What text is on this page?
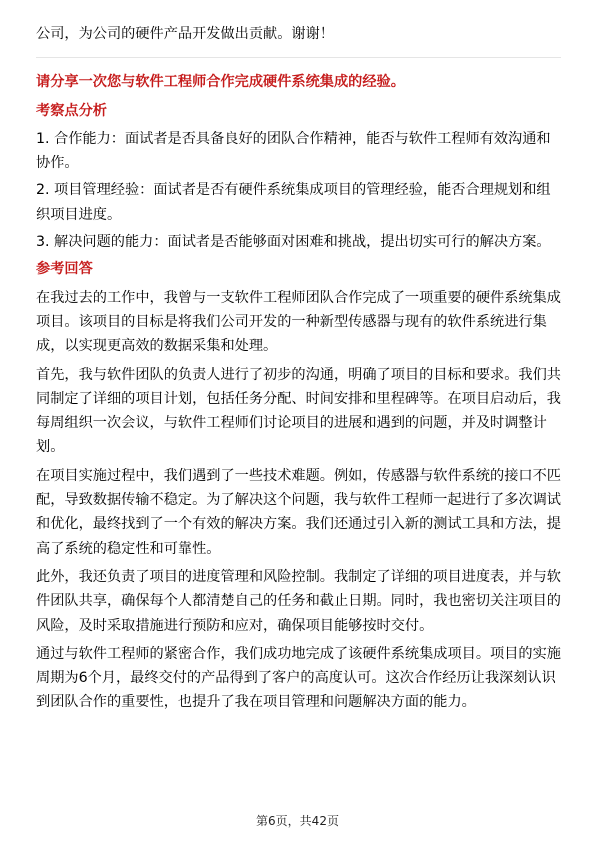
公司，为公司的硬件产品开发做出贡献。谢谢！

请分享一次您与软件工程师合作完成硬件系统集成的经验。

考察点分析

1. 合作能力：面试者是否具备良好的团队合作精神，能否与软件工程师有效沟通和协作。

2. 项目管理经验：面试者是否有硬件系统集成项目的管理经验，能否合理规划和组织项目进度。

3. 解决问题的能力：面试者是否能够面对困难和挑战，提出切实可行的解决方案。

参考回答

在我过去的工作中，我曾与一支软件工程师团队合作完成了一项重要的硬件系统集成项目。该项目的目标是将我们公司开发的一种新型传感器与现有的软件系统进行集成，以实现更高效的数据采集和处理。

首先，我与软件团队的负责人进行了初步的沟通，明确了项目的目标和要求。我们共同制定了详细的项目计划，包括任务分配、时间安排和里程碑等。在项目启动后，我每周组织一次会议，与软件工程师们讨论项目的进展和遇到的问题，并及时调整计划。

在项目实施过程中，我们遇到了一些技术难题。例如，传感器与软件系统的接口不匹配，导致数据传输不稳定。为了解决这个问题，我与软件工程师一起进行了多次调试和优化，最终找到了一个有效的解决方案。我们还通过引入新的测试工具和方法，提高了系统的稳定性和可靠性。

此外，我还负责了项目的进度管理和风险控制。我制定了详细的项目进度表，并与软件团队共享，确保每个人都清楚自己的任务和截止日期。同时，我也密切关注项目的风险，及时采取措施进行预防和应对，确保项目能够按时交付。

通过与软件工程师的紧密合作，我们成功地完成了该硬件系统集成项目。项目的实施周期为6个月，最终交付的产品得到了客户的高度认可。这次合作经历让我深刻认识到团队合作的重要性，也提升了我在项目管理和问题解决方面的能力。

第6页，共42页
